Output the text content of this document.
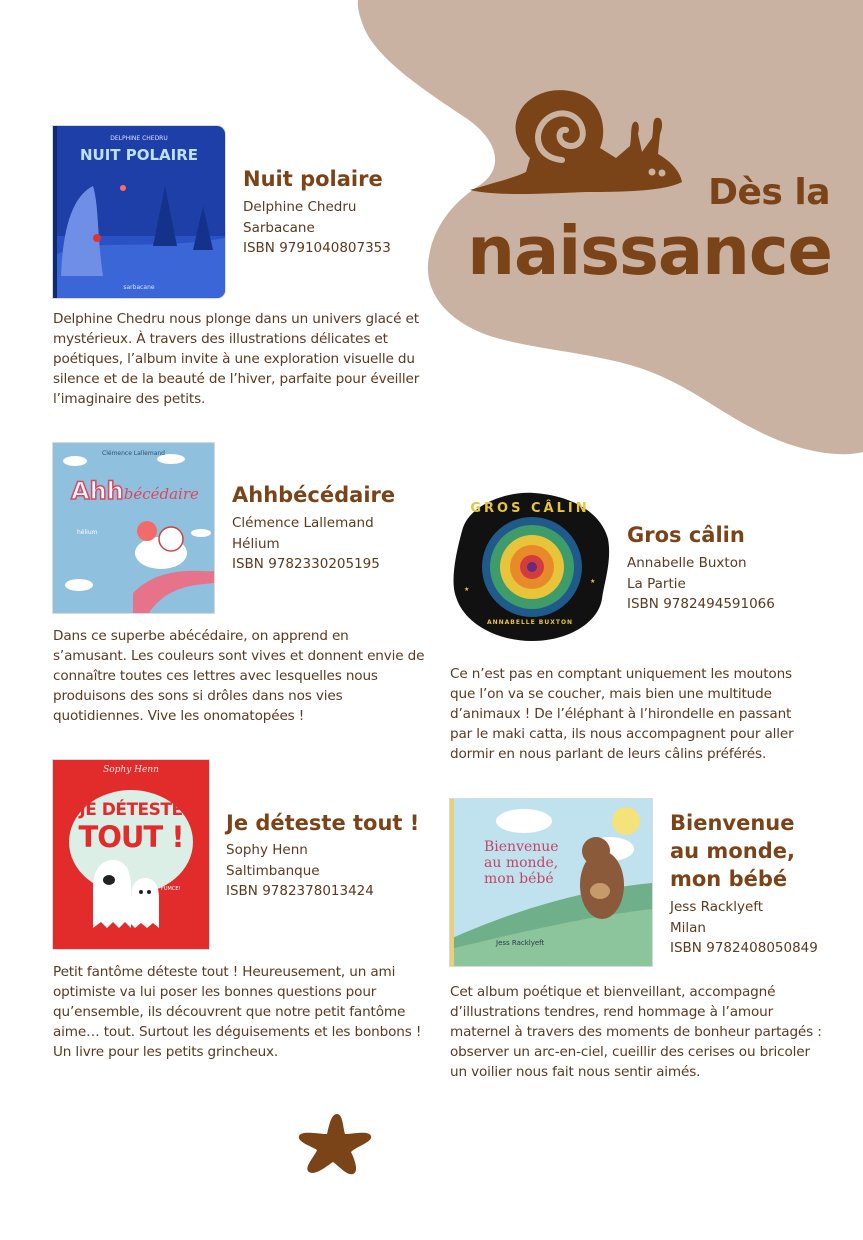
Dès la
naissance
DELPHINE CHEDRU
NUIT POLAIRE
sarbacane
Nuit polaire
Delphine Chedru
Sarbacane
ISBN 9791040807353
Delphine Chedru nous plonge dans un univers glacé et mystérieux. À travers des illustrations délicates et poétiques, l’album invite à une exploration visuelle du silence et de la beauté de l’hiver, parfaite pour éveiller l’imaginaire des petits.
Clémence Lallemand
Ahhbécédaire
hélium
Ahhbécédaire
Clémence Lallemand
Hélium
ISBN 9782330205195
Dans ce superbe abécédaire, on apprend en s’amusant. Les couleurs sont vives et donnent envie de connaître toutes ces lettres avec lesquelles nous produisons des sons si drôles dans nos vies quotidiennes. Vive les onomatopées !
★
★
GROS CÂLIN
ANNABELLE BUXTON
Gros câlin
Annabelle Buxton
La Partie
ISBN 9782494591066
Ce n’est pas en comptant uniquement les moutons que l’on va se coucher, mais bien une multitude d’animaux ! De l’éléphant à l’hirondelle en passant par le maki catta, ils nous accompagnent pour aller dormir en nous parlant de leurs câlins préférés.
Sophy Henn
JE DÉTESTE
TOUT !
FUMCE!
Je déteste tout !
Sophy Henn
Saltimbanque
ISBN 9782378013424
Petit fantôme déteste tout ! Heureusement, un ami optimiste va lui poser les bonnes questions pour qu’ensemble, ils découvrent que notre petit fantôme aime… tout. Surtout les déguisements et les bonbons ! Un livre pour les petits grincheux.
Bienvenue
au monde,
mon bébé
Jess Racklyeft
Bienvenue
au monde,
mon bébé
Jess Racklyeft
Milan
ISBN 9782408050849
Cet album poétique et bienveillant, accompagné d’illustrations tendres, rend hommage à l’amour maternel à travers des moments de bonheur partagés : observer un arc-en-ciel, cueillir des cerises ou bricoler un voilier nous fait nous sentir aimés.
